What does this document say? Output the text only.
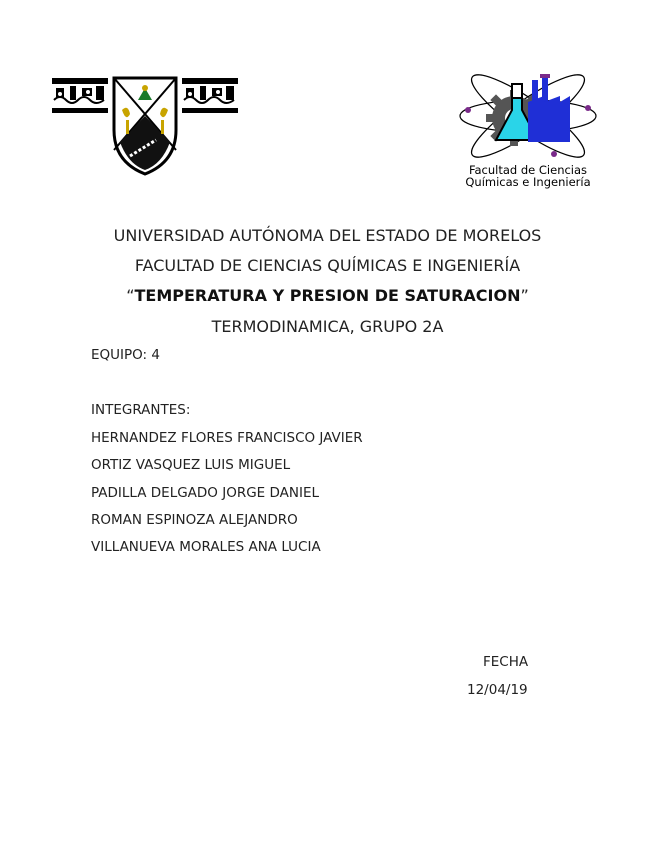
Facultad de Ciencias
Químicas e Ingeniería
UNIVERSIDAD AUTÓNOMA DEL ESTADO DE MORELOS
FACULTAD DE CIENCIAS QUÍMICAS E INGENIERÍA
“TEMPERATURA Y PRESION DE SATURACION”
TERMODINAMICA, GRUPO 2A
EQUIPO: 4
INTEGRANTES:
HERNANDEZ FLORES FRANCISCO JAVIER
ORTIZ VASQUEZ LUIS MIGUEL
PADILLA DELGADO JORGE DANIEL
ROMAN ESPINOZA ALEJANDRO
VILLANUEVA MORALES ANA LUCIA
FECHA
12/04/19
